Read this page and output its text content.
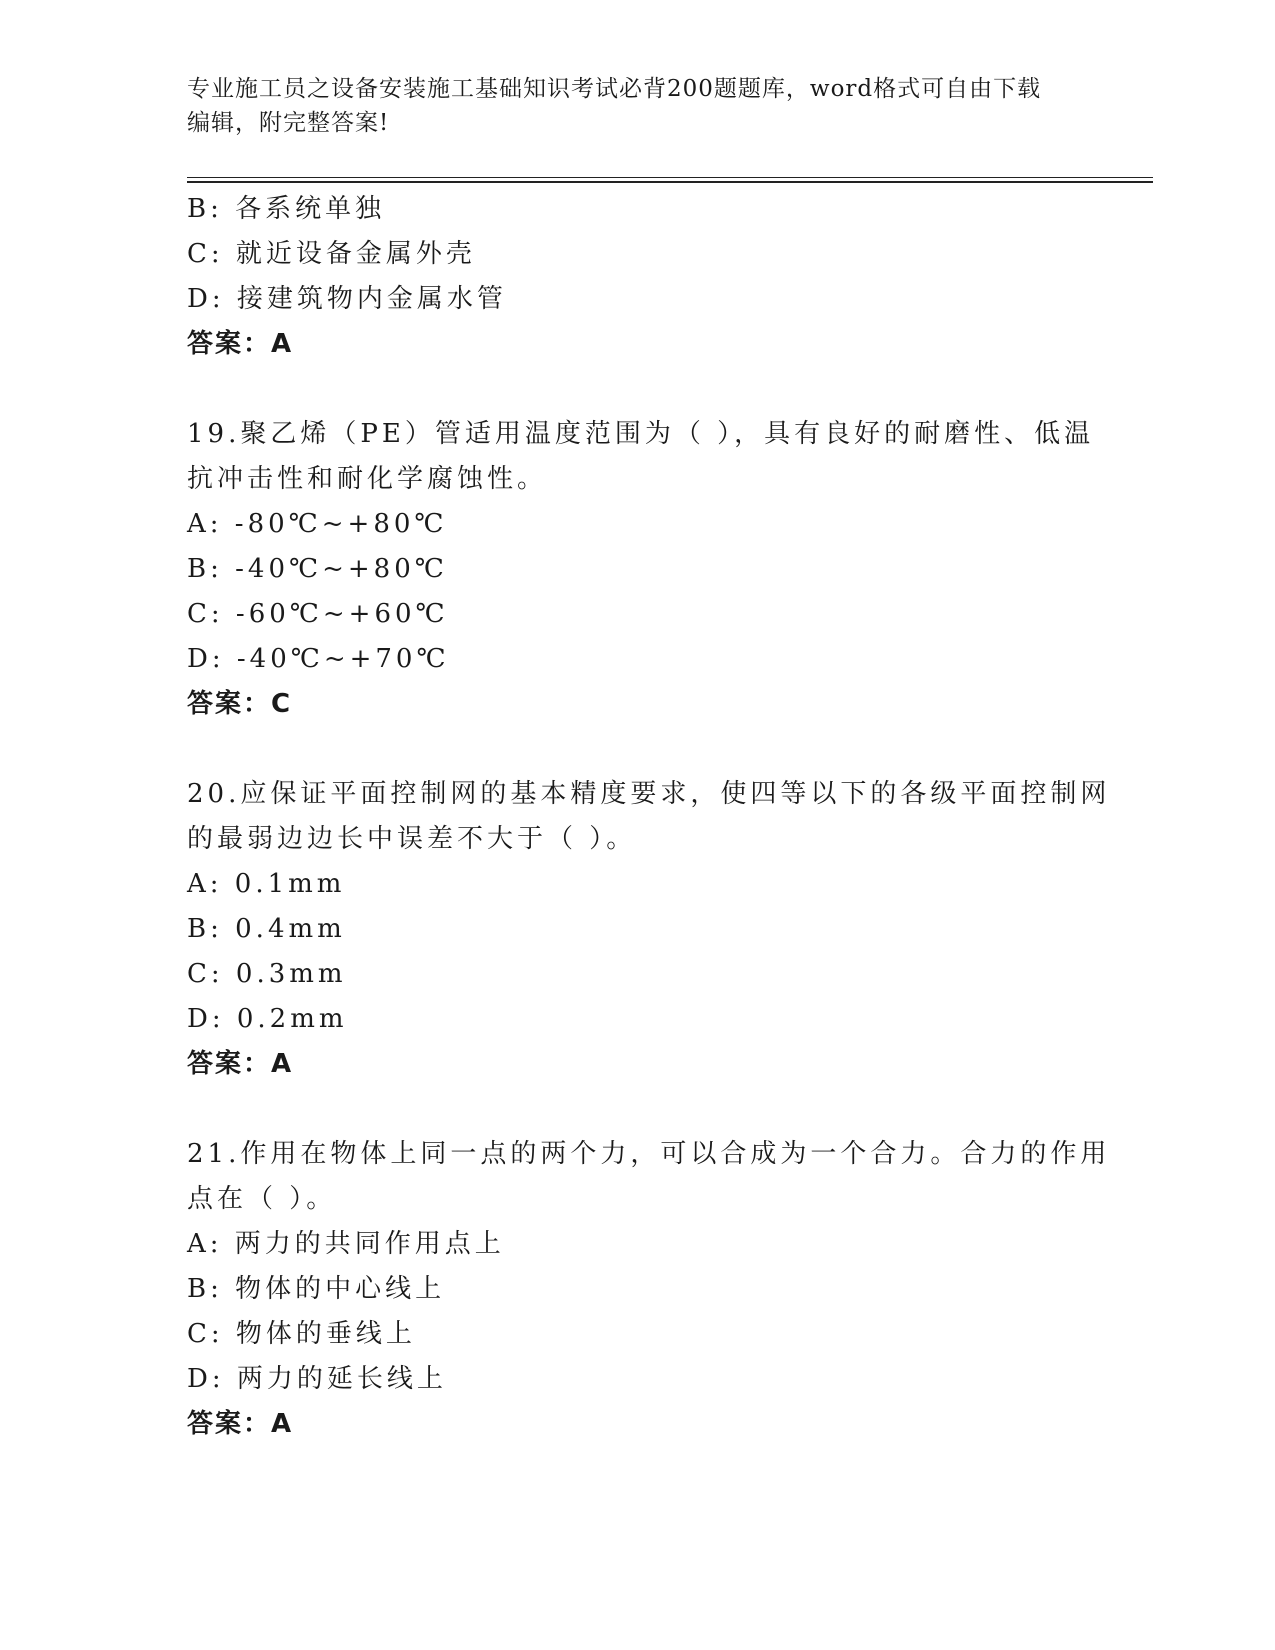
专业施工员之设备安装施工基础知识考试必背200题题库，word格式可自由下载
编辑，附完整答案!
B: 各系统单独
C: 就近设备金属外壳
D: 接建筑物内金属水管
答案：A
19.聚乙烯（PE）管适用温度范围为（ ），具有良好的耐磨性、低温
抗冲击性和耐化学腐蚀性。
A: -80℃~+80℃
B: -40℃~+80℃
C: -60℃~+60℃
D: -40℃~+70℃
答案：C
20.应保证平面控制网的基本精度要求，使四等以下的各级平面控制网
的最弱边边长中误差不大于（ ）。
A: 0.1mm
B: 0.4mm
C: 0.3mm
D: 0.2mm
答案：A
21.作用在物体上同一点的两个力，可以合成为一个合力。合力的作用
点在（ ）。
A: 两力的共同作用点上
B: 物体的中心线上
C: 物体的垂线上
D: 两力的延长线上
答案：A
